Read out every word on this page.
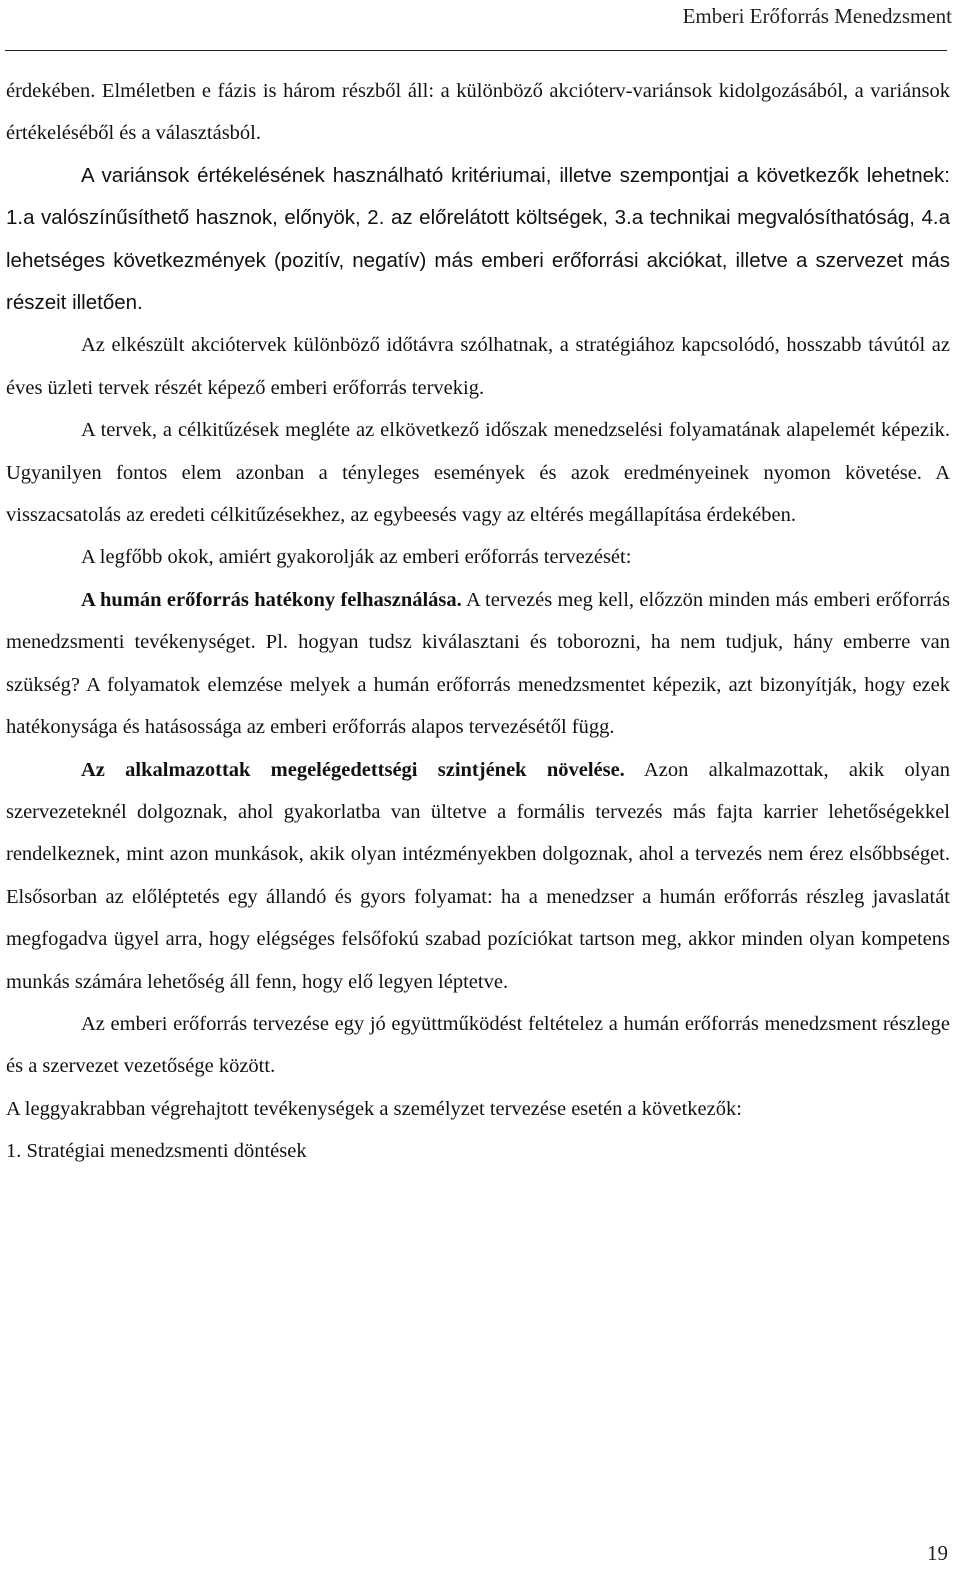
Emberi Erőforrás Menedzsment

érdekében. Elméletben e fázis is három részből áll: a különböző akcióterv-variánsok kidolgozásából, a variánsok értékeléséből és a választásból.

A variánsok értékelésének használható kritériumai, illetve szempontjai a következők lehetnek: 1.a valószínűsíthető hasznok, előnyök, 2. az előrelátott költségek, 3.a technikai megvalósíthatóság, 4.a lehetséges következmények (pozitív, negatív) más emberi erőforrási akciókat, illetve a szervezet más részeit illetően.

Az elkészült akciótervek különböző időtávra szólhatnak, a stratégiához kapcsolódó, hosszabb távútól az éves üzleti tervek részét képező emberi erőforrás tervekig.

A tervek, a célkitűzések megléte az elkövetkező időszak menedzselési folyamatának alapelemét képezik. Ugyanilyen fontos elem azonban a tényleges események és azok eredményeinek nyomon követése. A visszacsatolás az eredeti célkitűzésekhez, az egybeesés vagy az eltérés megállapítása érdekében.

A legfőbb okok, amiért gyakorolják az emberi erőforrás tervezését:

A humán erőforrás hatékony felhasználása. A tervezés meg kell, előzzön minden más emberi erőforrás menedzsmenti tevékenységet. Pl. hogyan tudsz kiválasztani és toborozni, ha nem tudjuk, hány emberre van szükség? A folyamatok elemzése melyek a humán erőforrás menedzsmentet képezik, azt bizonyítják, hogy ezek hatékonysága és hatásossága az emberi erőforrás alapos tervezésétől függ.

Az alkalmazottak megelégedettségi szintjének növelése. Azon alkalmazottak, akik olyan szervezeteknél dolgoznak, ahol gyakorlatba van ültetve a formális tervezés más fajta karrier lehetőségekkel rendelkeznek, mint azon munkások, akik olyan intézményekben dolgoznak, ahol a tervezés nem érez elsőbbséget. Elsősorban az előléptetés egy állandó és gyors folyamat: ha a menedzser a humán erőforrás részleg javaslatát megfogadva ügyel arra, hogy elégséges felsőfokú szabad pozíciókat tartson meg, akkor minden olyan kompetens munkás számára lehetőség áll fenn, hogy elő legyen léptetve.

Az emberi erőforrás tervezése egy jó együttműködést feltételez a humán erőforrás menedzsment részlege és a szervezet vezetősége között.

A leggyakrabban végrehajtott tevékenységek a személyzet tervezése esetén a következők:

1. Stratégiai menedzsmenti döntések

19
